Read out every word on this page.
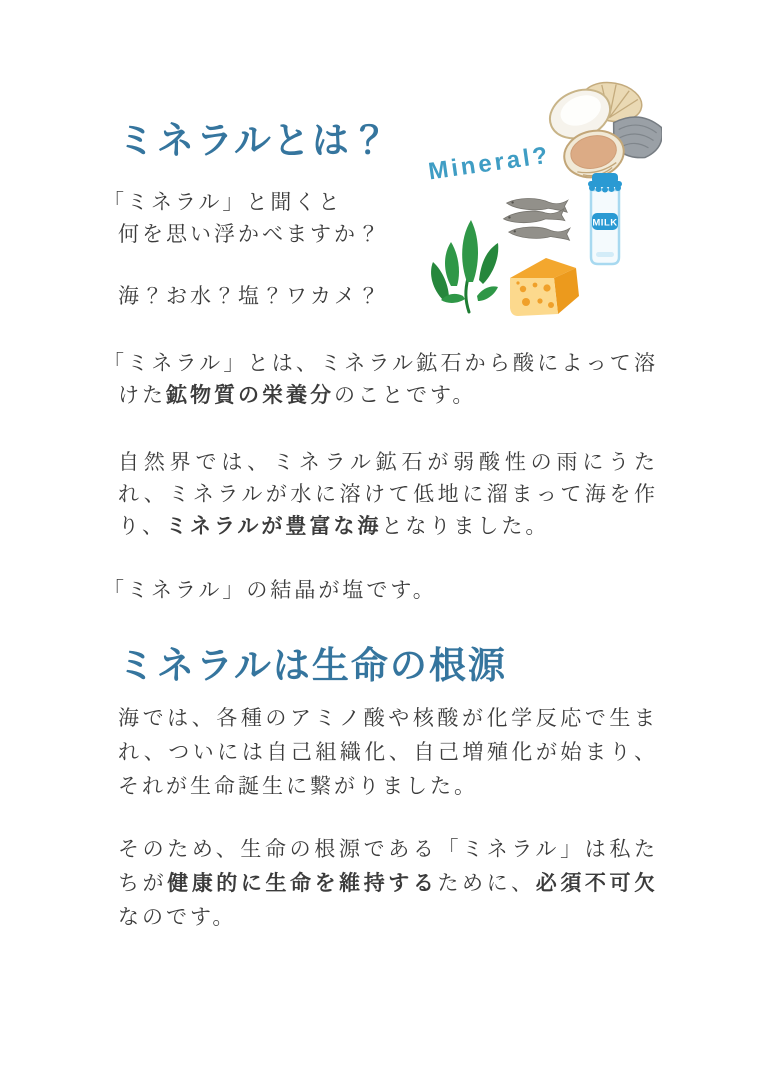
ミネラルとは？
Mineral?
MILK

「ミネラル」と聞くと
何を思い浮かべますか？

海？お水？塩？ワカメ？

「ミネラル」とは、ミネラル鉱石から酸によって溶けた鉱物質の栄養分のことです。

自然界では、ミネラル鉱石が弱酸性の雨にうたれ、ミネラルが水に溶けて低地に溜まって海を作り、ミネラルが豊富な海となりました。

「ミネラル」の結晶が塩です。

ミネラルは生命の根源

海では、各種のアミノ酸や核酸が化学反応で生まれ、ついには自己組織化、自己増殖化が始まり、それが生命誕生に繋がりました。

そのため、生命の根源である「ミネラル」は私たちが健康的に生命を維持するために、必須不可欠なのです。
